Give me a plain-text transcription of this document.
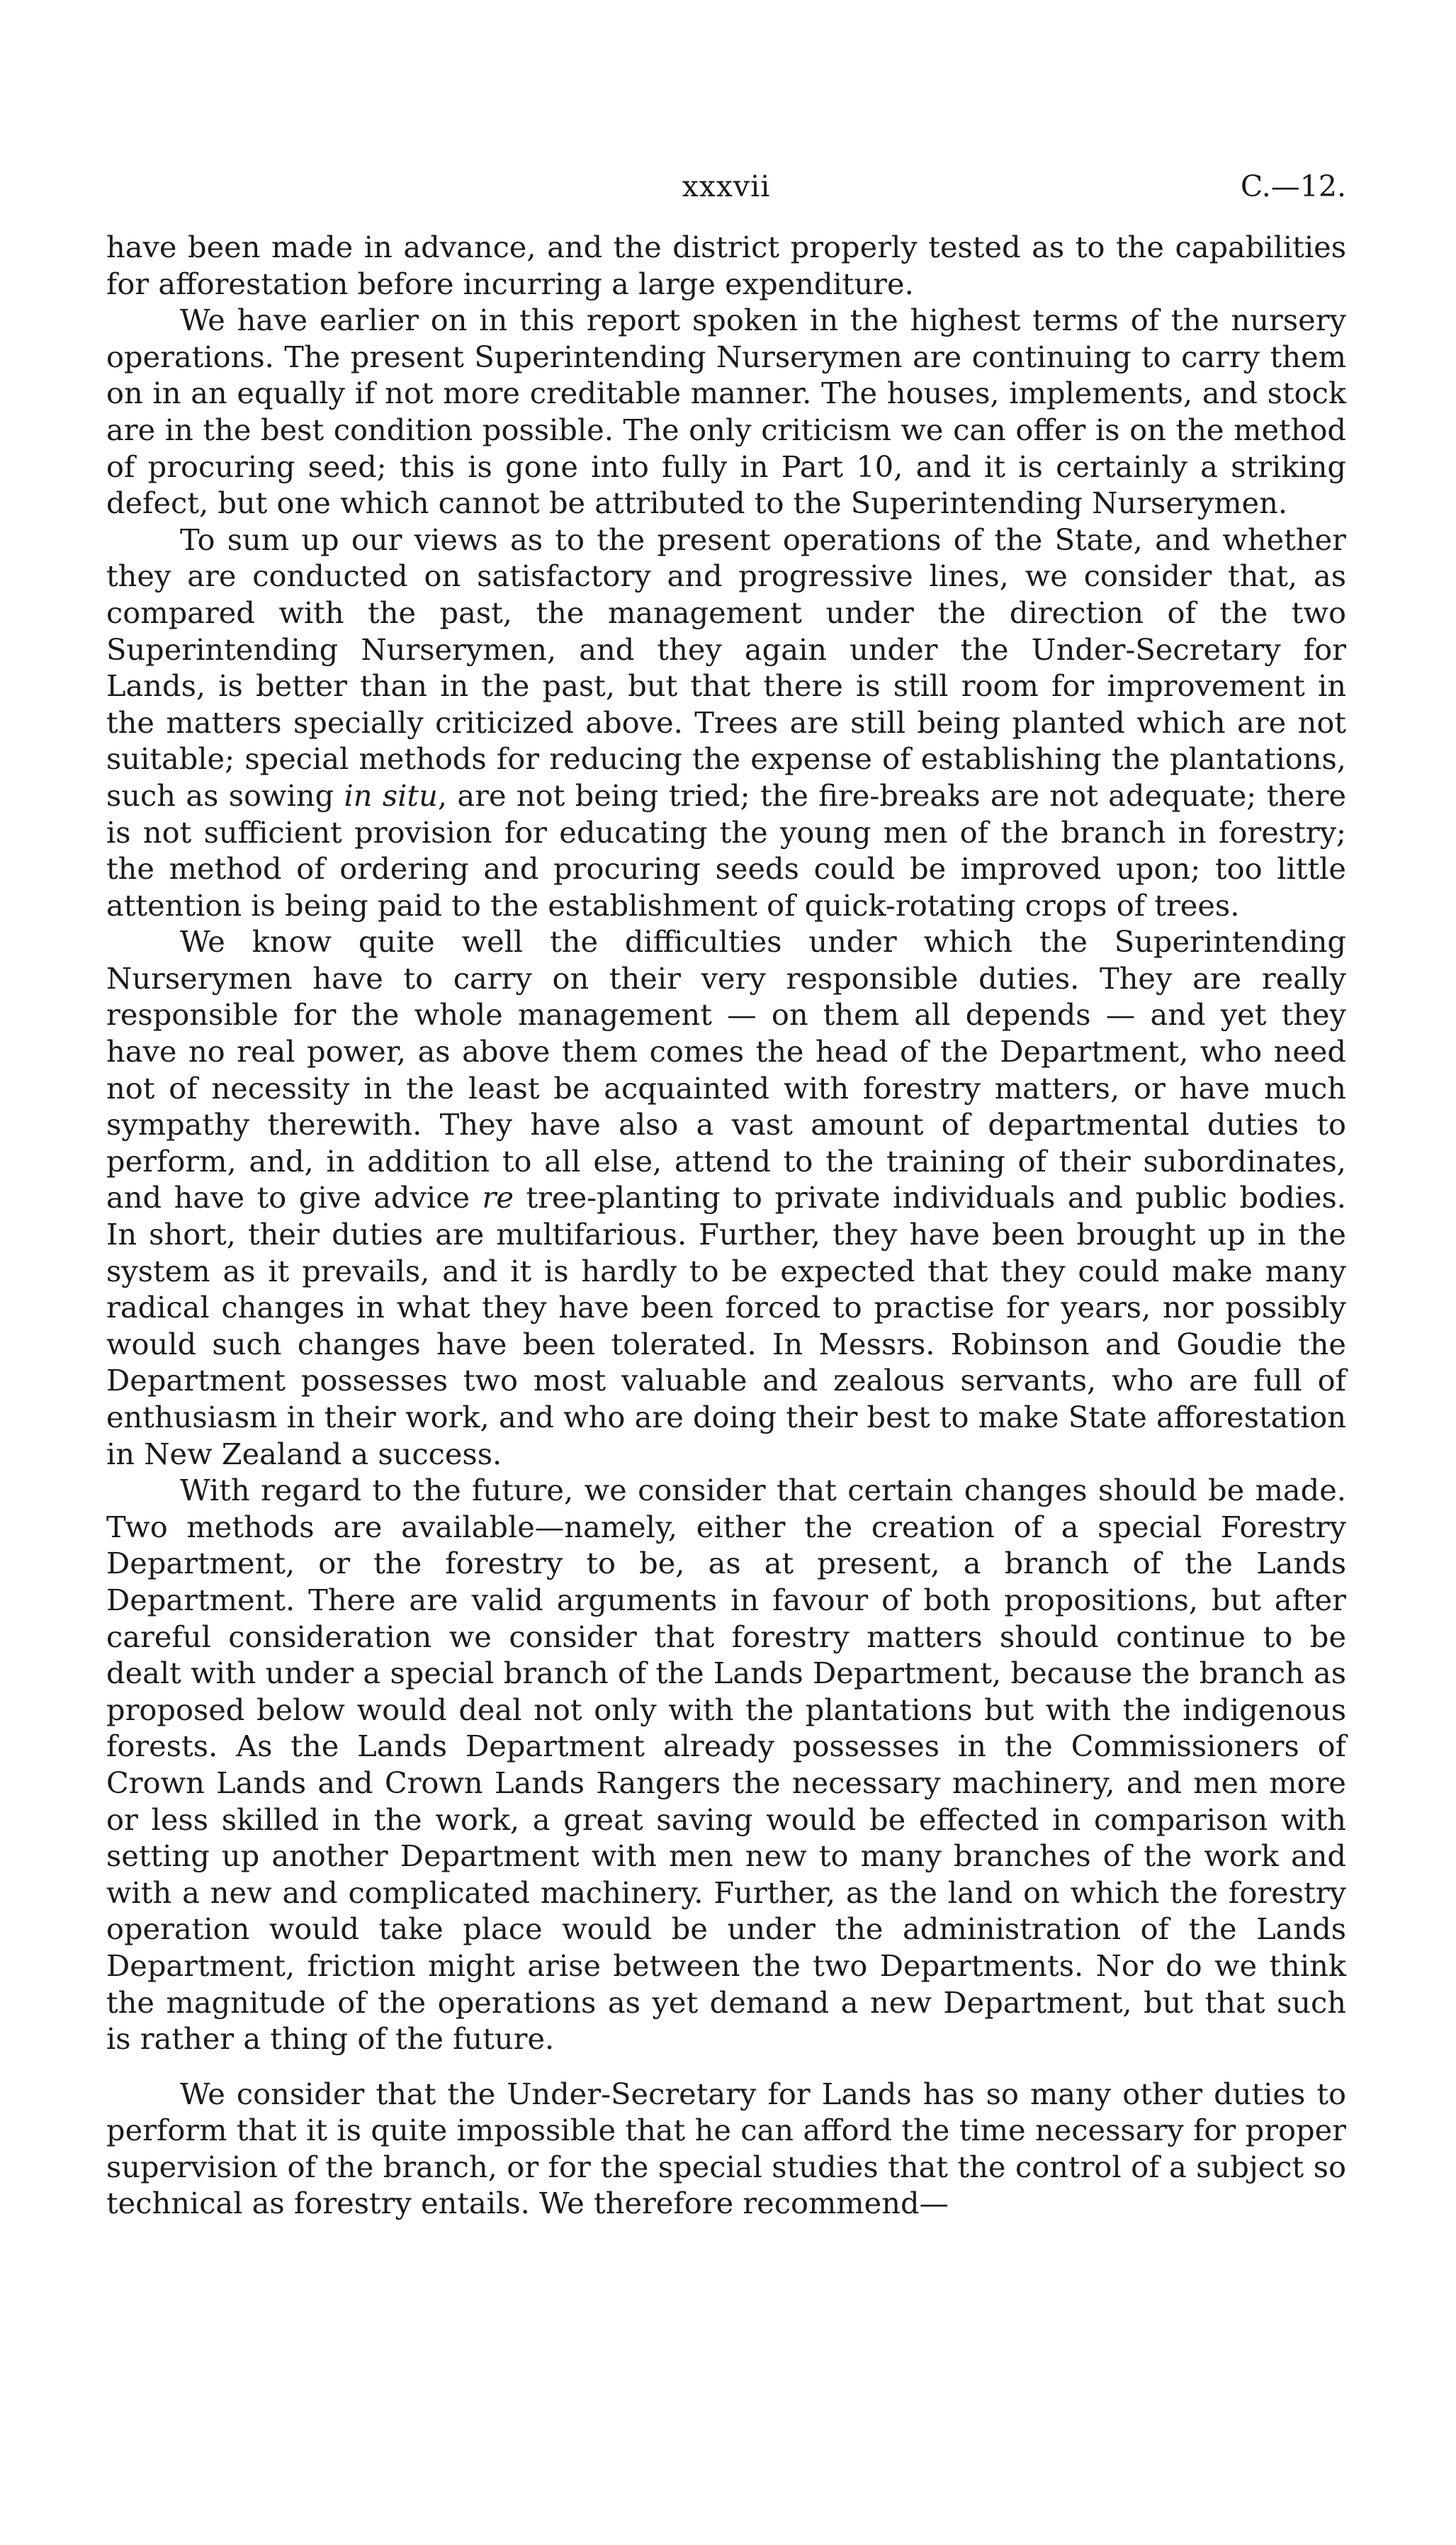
xxxvii	C.—12.

have been made in advance, and the district properly tested as to the capabilities for afforestation before incurring a large expenditure.

We have earlier on in this report spoken in the highest terms of the nursery operations. The present Superintending Nurserymen are continuing to carry them on in an equally if not more creditable manner. The houses, implements, and stock are in the best condition possible. The only criticism we can offer is on the method of procuring seed; this is gone into fully in Part 10, and it is certainly a striking defect, but one which cannot be attributed to the Superintending Nurserymen.

To sum up our views as to the present operations of the State, and whether they are conducted on satisfactory and progressive lines, we consider that, as compared with the past, the management under the direction of the two Superintending Nurserymen, and they again under the Under-Secretary for Lands, is better than in the past, but that there is still room for improvement in the matters specially criticized above. Trees are still being planted which are not suitable; special methods for reducing the expense of establishing the plantations, such as sowing in situ, are not being tried; the fire-breaks are not adequate; there is not sufficient provision for educating the young men of the branch in forestry; the method of ordering and procuring seeds could be improved upon; too little attention is being paid to the establishment of quick-rotating crops of trees.

We know quite well the difficulties under which the Superintending Nurserymen have to carry on their very responsible duties. They are really responsible for the whole management — on them all depends — and yet they have no real power, as above them comes the head of the Department, who need not of necessity in the least be acquainted with forestry matters, or have much sympathy therewith. They have also a vast amount of departmental duties to perform, and, in addition to all else, attend to the training of their subordinates, and have to give advice re tree-planting to private individuals and public bodies. In short, their duties are multifarious. Further, they have been brought up in the system as it prevails, and it is hardly to be expected that they could make many radical changes in what they have been forced to practise for years, nor possibly would such changes have been tolerated. In Messrs. Robinson and Goudie the Department possesses two most valuable and zealous servants, who are full of enthusiasm in their work, and who are doing their best to make State afforestation in New Zealand a success.

With regard to the future, we consider that certain changes should be made. Two methods are available—namely, either the creation of a special Forestry Department, or the forestry to be, as at present, a branch of the Lands Department. There are valid arguments in favour of both propositions, but after careful consideration we consider that forestry matters should continue to be dealt with under a special branch of the Lands Department, because the branch as proposed below would deal not only with the plantations but with the indigenous forests. As the Lands Department already possesses in the Commissioners of Crown Lands and Crown Lands Rangers the necessary machinery, and men more or less skilled in the work, a great saving would be effected in comparison with setting up another Department with men new to many branches of the work and with a new and complicated machinery. Further, as the land on which the forestry operation would take place would be under the administration of the Lands Department, friction might arise between the two Departments. Nor do we think the magnitude of the operations as yet demand a new Department, but that such is rather a thing of the future.

We consider that the Under-Secretary for Lands has so many other duties to perform that it is quite impossible that he can afford the time necessary for proper supervision of the branch, or for the special studies that the control of a subject so technical as forestry entails. We therefore recommend—
